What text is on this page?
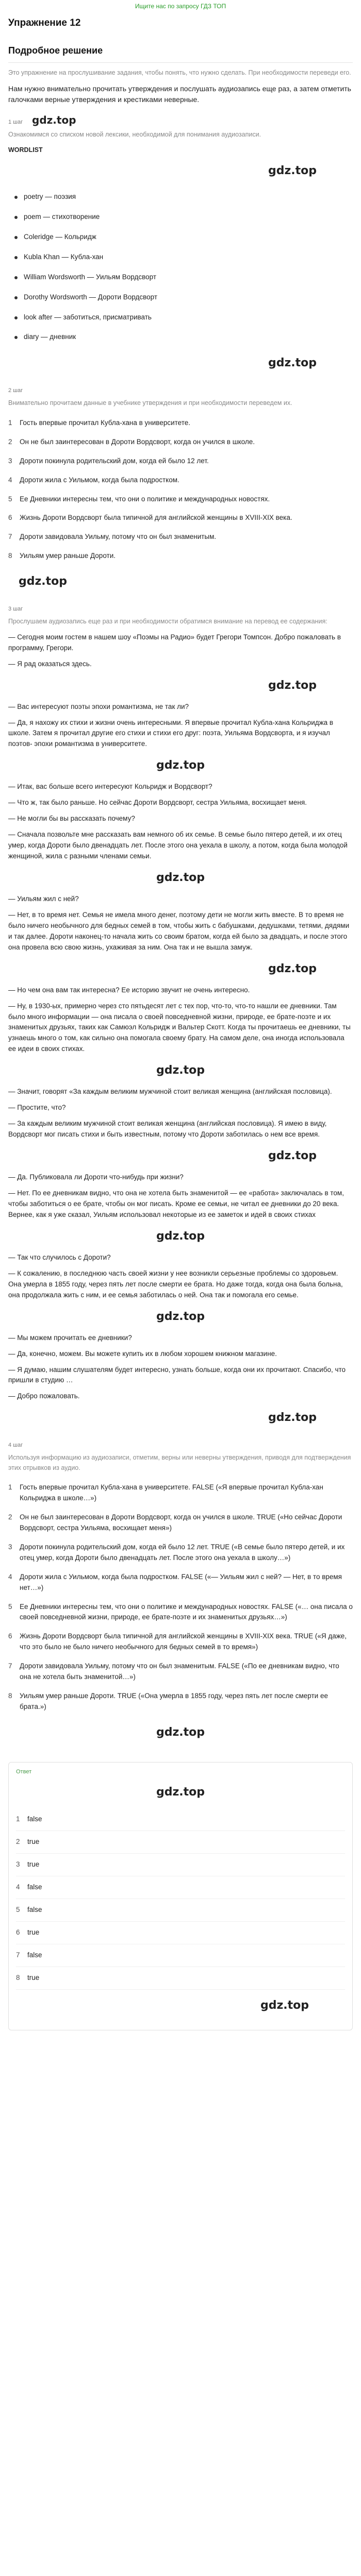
Ищите нас по запросу ГДЗ ТОП
Упражнение 12
Подробное решение

Это упражнение на прослушивание задания, чтобы понять, что нужно сделать. При необходимости переведи его.

Нам нужно внимательно прочитать утверждения и послушать аудиозапись еще раз, а затем отметить галочками верные утверждения и крестиками неверные.

1 шаг gdz.top

Ознакомимся со списком новой лексики, необходимой для понимания аудиозаписи.

WORDLIST
gdz.top
poetry — поэзия
poem — стихотворение
Coleridge — Кольридж
Kubla Khan — Кубла-хан
William Wordsworth — Уильям Вордсворт
Dorothy Wordsworth — Дороти Вордсворт
look after — заботиться, присматривать
diary — дневник
gdz.top
2 шаг

Внимательно прочитаем данные в учебнике утверждения и при необходимости переведем их.

1	Гость впервые прочитал Кубла-хана в университете.
2	Он не был заинтересован в Дороти Вордсворт, когда он учился в школе.
3	Дороти покинула родительский дом, когда ей было 12 лет.
4	Дороти жила с Уильмом, когда была подростком.
5	Ее Дневники интересны тем, что они о политике и международных новостях.
6	Жизнь Дороти Вордсворт была типичной для английской женщины в XVIII-XIX века.
7	Дороти завидовала Уильму, потому что он был знаменитым.
8	Уильям умер раньше Дороти.
gdz.top
3 шаг

Прослушаем аудиозапись еще раз и при необходимости обратимся внимание на перевод ее содержания:

— Сегодня моим гостем в нашем шоу «Поэмы на Радио» будет Грегори Томпсон. Добро пожаловать в программу, Грегори.

— Я рад оказаться здесь.

gdz.top

— Вас интересуют поэты эпохи романтизма, не так ли?

— Да, я нахожу их стихи и жизни очень интересными. Я впервые прочитал Кубла-хана Кольриджа в школе. Затем я прочитал другие его стихи и стихи его друг: поэта, Уильяма Вордсворта, и я изучал поэтов- эпохи романтизма в университете.

gdz.top

— Итак, вас больше всего интересуют Кольридж и Вордсворт?

— Что ж, так было раньше. Но сейчас Дороти Вордсворт, сестра Уильяма, восхищает меня.

— Не могли бы вы рассказать почему?

— Сначала позвольте мне рассказать вам немного об их семье. В семье было пятеро детей, и их отец умер, когда Дороти было двенадцать лет. После этого она уехала в школу, а потом, когда была молодой женщиной, жила с разными членами семьи.

gdz.top

— Уильям жил с ней?

— Нет, в то время нет. Семья не имела много денег, поэтому дети не могли жить вместе. В то время не было ничего необычного для бедных семей в том, чтобы жить с бабушками, дедушками, тетями, дядями и так далее. Дороти наконец-то начала жить со своим братом, когда ей было за двадцать, и после этого она провела всю свою жизнь, ухаживая за ним. Она так и не вышла замуж.

gdz.top

— Но чем она вам так интересна? Ее историю звучит не очень интересно.

— Ну, в 1930-ых, примерно через сто пятьдесят лет с тех пор, что-то, что-то нашли ее дневники. Там было много информации — она писала о своей повседневной жизни, природе, ее брате-поэте и их знаменитых друзьях, таких как Самюэл Кольридж и Вальтер Скотт. Когда ты прочитаешь ее дневники, ты узнаешь много о том, как сильно она помогала своему брату. На самом деле, она иногда использовала ее идеи в своих стихах.

gdz.top

— Значит, говорят «За каждым великим мужчиной стоит великая женщина (английская пословица).

— Простите, что?

— За каждым великим мужчиной стоит великая женщина (английская пословица). Я имею в виду, Вордсворт мог писать стихи и быть известным, потому что Дороти заботилась о нем все время.

gdz.top

— Да. Публиковала ли Дороти что-нибудь при жизни?

— Нет. По ее дневникам видно, что она не хотела быть знаменитой — ее «работа» заключалась в том, чтобы заботиться о ее брате, чтобы он мог писать. Кроме ее семьи, не читал ее дневники до 20 века. Вернее, как я уже сказал, Уильям использовал некоторые из ее заметок и идей в своих стихах

gdz.top

— Так что случилось с Дороти?

— К сожалению, в последнюю часть своей жизни у нее возникли серьезные проблемы со здоровьем. Она умерла в 1855 году, через пять лет после смерти ее брата. Но даже тогда, когда она была больна, она продолжала жить с ним, и ее семья заботилась о ней. Она так и помогала его семье.

gdz.top

— Мы можем прочитать ее дневники?

— Да, конечно, можем. Вы можете купить их в любом хорошем книжном магазине.

— Я думаю, нашим слушателям будет интересно, узнать больше, когда они их прочитают. Спасибо, что пришли в студию …

— Добро пожаловать.

gdz.top
4 шаг

Используя информацию из аудиозаписи, отметим, верны или неверны утверждения, приводя для подтверждения этих отрывков из аудио.

1	Гость впервые прочитал Кубла-хана в университете. FALSE («Я впервые прочитал Кубла-хан Кольриджа в школе…»)
2	Он не был заинтересован в Дороти Вордсворт, когда он учился в школе. TRUE («Но сейчас Дороти Вордсворт, сестра Уильяма, восхищает меня»)
3	Дороти покинула родительский дом, когда ей было 12 лет. TRUE («В семье было пятеро детей, и их отец умер, когда Дороти было двенадцать лет. После этого она уехала в школу…»)
4	Дороти жила с Уильмом, когда была подростком. FALSE («— Уильям жил с ней? — Нет, в то время нет…»)
5	Ее Дневники интересны тем, что они о политике и международных новостях. FALSE («… она писала о своей повседневной жизни, природе, ее брате-поэте и их знаменитых друзьях…»)
6	Жизнь Дороти Вордсворт была типичной для английской женщины в XVIII-XIX века. TRUE («Я даже, что это было не было ничего необычного для бедных семей в то время»)
7	Дороти завидовала Уильму, потому что он был знаменитым. FALSE («По ее дневникам видно, что она не хотела быть знаменитой…»)
8	Уильям умер раньше Дороти. TRUE («Она умерла в 1855 году, через пять лет после смерти ее брата.»)
gdz.top
Ответ
gdz.top
1	false
2	true
3	true
4	false
5	false
6	true
7	false
8	true
gdz.top
